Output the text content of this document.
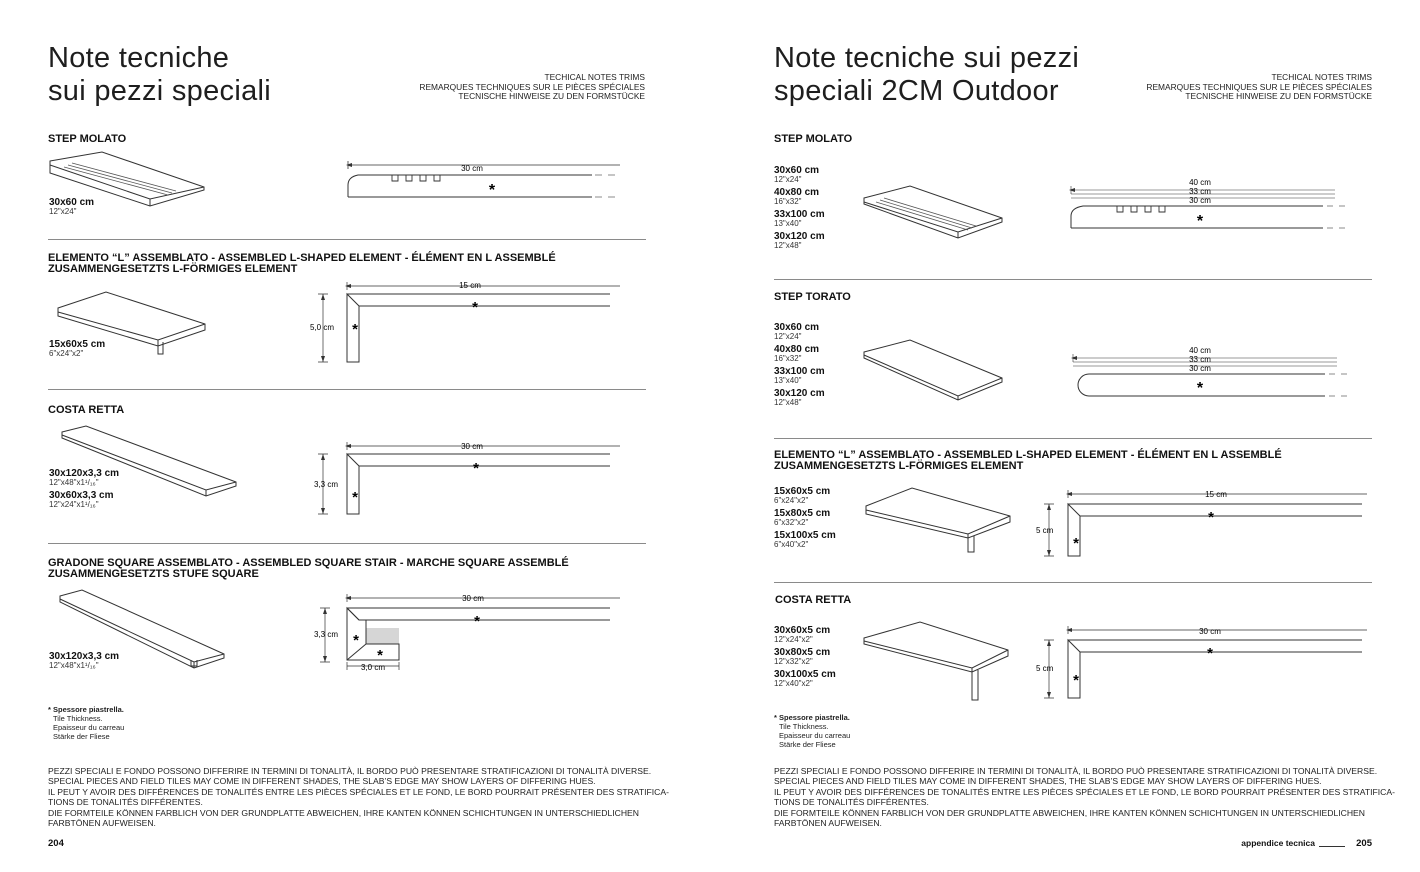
Note tecniche
sui pezzi speciali	TECHICAL NOTES TRIMS
REMARQUES TECHNIQUES SUR LE PIÈCES SPÉCIALES
TECNISCHE HINWEISE ZU DEN FORMSTÜCKE
STEP MOLATO
30x60 cm
12"x24"
30 cm
*
ELEMENTO “L” ASSEMBLATO - ASSEMBLED L-SHAPED ELEMENT - ÉLÉMENT EN L ASSEMBLÉ
ZUSAMMENGESETZTS L-FÖRMIGES ELEMENT
15x60x5 cm
6"x24"x2"
15 cm
5,0 cm
*
*
COSTA RETTA
30x120x3,3 cm
12"x48"x1¹/₁₆"
30x60x3,3 cm
12"x24"x1¹/₁₆"
30 cm
3,3 cm
*
*
GRADONE SQUARE ASSEMBLATO - ASSEMBLED SQUARE STAIR - MARCHE SQUARE ASSEMBLÉ
ZUSAMMENGESETZTS STUFE SQUARE
30x120x3,3 cm
12"x48"x1¹/₁₆"
30 cm
3,3 cm
3,0 cm
*
*
*
* Spessore piastrella.
Tile Thickness.
Epaisseur du carreau
Stärke der Fliese
PEZZI SPECIALI E FONDO POSSONO DIFFERIRE IN TERMINI DI TONALITÀ, IL BORDO PUÒ PRESENTARE STRATIFICAZIONI DI TONALITÀ DIVERSE.
SPECIAL PIECES AND FIELD TILES MAY COME IN DIFFERENT SHADES, THE SLAB’S EDGE MAY SHOW LAYERS OF DIFFERING HUES.
IL PEUT Y AVOIR DES DIFFÉRENCES DE TONALITÉS ENTRE LES PIÈCES SPÉCIALES ET LE FOND, LE BORD POURRAIT PRÉSENTER DES STRATIFICA-
TIONS DE TONALITÉS DIFFÉRENTES.
DIE FORMTEILE KÖNNEN FARBLICH VON DER GRUNDPLATTE ABWEICHEN, IHRE KANTEN KÖNNEN SCHICHTUNGEN IN UNTERSCHIEDLICHEN
FARBTÖNEN AUFWEISEN.
204
Note tecniche sui pezzi
speciali 2CM Outdoor	TECHICAL NOTES TRIMS
REMARQUES TECHNIQUES SUR LE PIÈCES SPÉCIALES
TECNISCHE HINWEISE ZU DEN FORMSTÜCKE
STEP MOLATO
30x60 cm
12"x24"
40x80 cm
16"x32"
33x100 cm
13"x40"
30x120 cm
12"x48"
40 cm
33 cm
30 cm
*
STEP TORATO
30x60 cm
12"x24"
40x80 cm
16"x32"
33x100 cm
13"x40"
30x120 cm
12"x48"
40 cm
33 cm
30 cm
*
ELEMENTO “L” ASSEMBLATO - ASSEMBLED L-SHAPED ELEMENT - ÉLÉMENT EN L ASSEMBLÉ
ZUSAMMENGESETZTS L-FÖRMIGES ELEMENT
15x60x5 cm
6"x24"x2"
15x80x5 cm
6"x32"x2"
15x100x5 cm
6"x40"x2"
15 cm
5 cm
*
*
COSTA RETTA
30x60x5 cm
12"x24"x2"
30x80x5 cm
12"x32"x2"
30x100x5 cm
12"x40"x2"
30 cm
5 cm
*
*
* Spessore piastrella.
Tile Thickness.
Epaisseur du carreau
Stärke der Fliese
PEZZI SPECIALI E FONDO POSSONO DIFFERIRE IN TERMINI DI TONALITÀ, IL BORDO PUÒ PRESENTARE STRATIFICAZIONI DI TONALITÀ DIVERSE.
SPECIAL PIECES AND FIELD TILES MAY COME IN DIFFERENT SHADES, THE SLAB’S EDGE MAY SHOW LAYERS OF DIFFERING HUES.
IL PEUT Y AVOIR DES DIFFÉRENCES DE TONALITÉS ENTRE LES PIÈCES SPÉCIALES ET LE FOND, LE BORD POURRAIT PRÉSENTER DES STRATIFICA-
TIONS DE TONALITÉS DIFFÉRENTES.
DIE FORMTEILE KÖNNEN FARBLICH VON DER GRUNDPLATTE ABWEICHEN, IHRE KANTEN KÖNNEN SCHICHTUNGEN IN UNTERSCHIEDLICHEN
FARBTÖNEN AUFWEISEN.
appendice tecnica	205
